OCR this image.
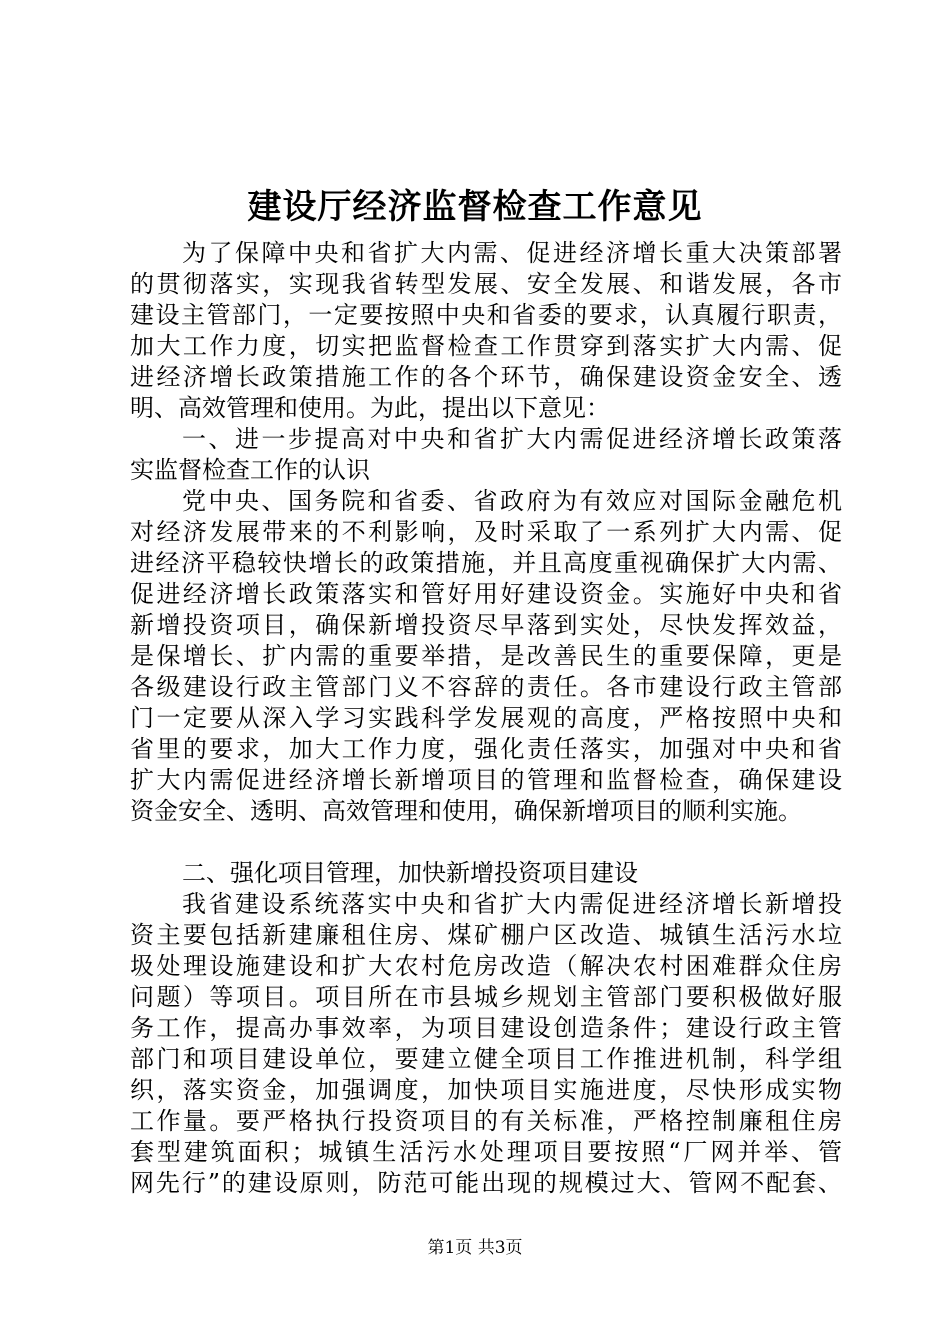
建设厅经济监督检查工作意见
为了保障中央和省扩大内需、促进经济增长重大决策部署
的贯彻落实，实现我省转型发展、安全发展、和谐发展，各市
建设主管部门，一定要按照中央和省委的要求，认真履行职责，
加大工作力度，切实把监督检查工作贯穿到落实扩大内需、促
进经济增长政策措施工作的各个环节，确保建设资金安全、透
明、高效管理和使用。为此，提出以下意见：
一、进一步提高对中央和省扩大内需促进经济增长政策落
实监督检查工作的认识
党中央、国务院和省委、省政府为有效应对国际金融危机
对经济发展带来的不利影响，及时采取了一系列扩大内需、促
进经济平稳较快增长的政策措施，并且高度重视确保扩大内需、
促进经济增长政策落实和管好用好建设资金。实施好中央和省
新增投资项目，确保新增投资尽早落到实处，尽快发挥效益，
是保增长、扩内需的重要举措，是改善民生的重要保障，更是
各级建设行政主管部门义不容辞的责任。各市建设行政主管部
门一定要从深入学习实践科学发展观的高度，严格按照中央和
省里的要求，加大工作力度，强化责任落实，加强对中央和省
扩大内需促进经济增长新增项目的管理和监督检查，确保建设
资金安全、透明、高效管理和使用，确保新增项目的顺利实施。
二、强化项目管理，加快新增投资项目建设
我省建设系统落实中央和省扩大内需促进经济增长新增投
资主要包括新建廉租住房、煤矿棚户区改造、城镇生活污水垃
圾处理设施建设和扩大农村危房改造（解决农村困难群众住房
问题）等项目。项目所在市县城乡规划主管部门要积极做好服
务工作，提高办事效率，为项目建设创造条件；建设行政主管
部门和项目建设单位，要建立健全项目工作推进机制，科学组
织，落实资金，加强调度，加快项目实施进度，尽快形成实物
工作量。要严格执行投资项目的有关标准，严格控制廉租住房
套型建筑面积；城镇生活污水处理项目要按照“厂网并举、管
网先行”的建设原则，防范可能出现的规模过大、管网不配套、
第1页 共3页
